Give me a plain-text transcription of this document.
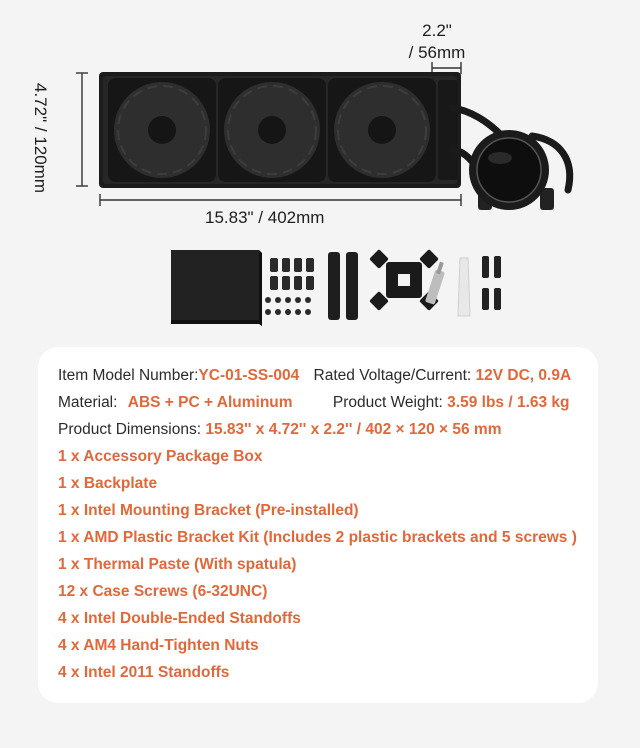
2.2"
/ 56mm
15.83" / 402mm
4.72" / 120mm
Item Model Number:YC-01-SS-004 Rated Voltage/Current: 12V DC, 0.9A
Material: ABS + PC + Aluminum	Product Weight: 3.59 lbs / 1.63 kg
Product Dimensions: 15.83'' x 4.72'' x 2.2'' / 402 × 120 × 56 mm
1 x Accessory Package Box
1 x Backplate
1 x Intel Mounting Bracket (Pre-installed)
1 x AMD Plastic Bracket Kit (Includes 2 plastic brackets and 5 screws )
1 x Thermal Paste (With spatula)
12 x Case Screws (6-32UNC)
4 x Intel Double-Ended Standoffs
4 x AM4 Hand-Tighten Nuts
4 x Intel 2011 Standoffs
